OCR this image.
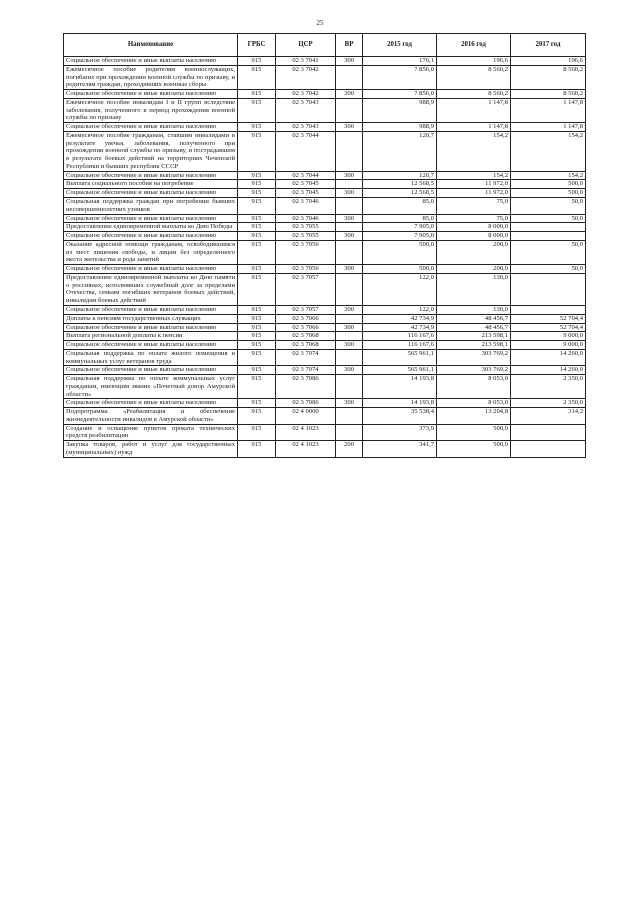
25
Наименование	ГРБС	ЦСР	ВР	2015 год	2016 год	2017 год
Социальное обеспечение и иные выплаты населению	915	02 3 7041	300	176,1	196,6	196,6
Ежемесячное пособие родителям военнослужащих, погибших при прохождении военной службы по призыву, и родителям граждан, проходивших военные сборы	915	02 3 7042		7 856,0	8 560,2	8 560,2
Социальное обеспечение и иные выплаты населению	915	02 3 7042	300	7 856,0	8 560,2	8 560,2
Ежемесячное пособие инвалидам I и II групп вследствие заболевания, полученного в период прохождения военной службы по призыву	915	02 3 7043		988,9	1 147,8	1 147,8
Социальное обеспечение и иные выплаты населению	915	02 3 7043	300	988,9	1 147,8	1 147,8
Ежемесячное пособие гражданам, ставшим инвалидами в результате увечья, заболевания, полученного при прохождении военной службы по призыву, и пострадавшим в результате боевых действий на территориях Чеченской Республики и бывших республик СССР	915	02 3 7044		120,7	154,2	154,2
Социальное обеспечение и иные выплаты населению	915	02 3 7044	300	120,7	154,2	154,2
Выплата социального пособия на погребение	915	02 3 7045		12 568,5	11 972,0	500,0
Социальное обеспечение и иные выплаты населению	915	02 3 7045	300	12 568,5	11 972,0	500,0
Социальная поддержка граждан при погребении бывших несовершеннолетних узников	915	02 3 7046		85,0	75,0	50,0
Социальное обеспечение и иные выплаты населению	915	02 3 7046	300	85,0	75,0	50,0
Предоставление единовременной выплаты ко Дню Победы	915	02 3 7055		7 905,0	8 000,0	
Социальное обеспечение и иные выплаты населению	915	02 3 7055	300	7 905,0	8 000,0	
Оказание адресной помощи гражданам, освободившимся из мест лишения свободы, и лицам без определенного места жительства и рода занятий	915	02 3 7056		500,0	200,0	50,0
Социальное обеспечение и иные выплаты населению	915	02 3 7056	300	500,0	200,0	50,0
Предоставление единовременной выплаты ко Дню памяти о россиянах, исполнявших служебный долг за пределами Отечества, семьям погибших ветеранов боевых действий, инвалидам боевых действий	915	02 3 7057		122,0	130,0	
Социальное обеспечение и иные выплаты населению	915	02 3 7057	300	122,0	130,0	
Доплаты к пенсиям государственных служащих	915	02 3 7066		42 734,9	48 456,7	52 704,4
Социальное обеспечение и иные выплаты населению	915	02 3 7066	300	42 734,9	48 456,7	52 704,4
Выплата региональной доплаты к пенсии	915	02 3 7068		116 167,6	213 598,1	9 000,0
Социальное обеспечение и иные выплаты населению	915	02 3 7068	300	116 167,6	213 598,1	9 000,0
Социальная поддержка по оплате жилого помещения и коммунальных услуг ветеранов труда	915	02 3 7074		565 961,1	303 769,2	14 260,0
Социальное обеспечение и иные выплаты населению	915	02 3 7074	300	565 961,1	303 769,2	14 260,0
Социальная поддержка по оплате коммунальных услуг гражданам, имеющим звание «Почетный донор Амурской области»	915	02 3 7086		14 193,8	8 053,0	2 350,0
Социальное обеспечение и иные выплаты населению	915	02 3 7086	300	14 193,8	8 053,0	2 350,0
Подпрограмма «Реабилитация и обеспечение жизнедеятельности инвалидов в Амурской области»	915	02 4 0000		35 538,4	13 204,8	314,2
Создание и оснащение пунктов проката технических средств реабилитации	915	02 4 1023		373,9	500,0	
Закупка товаров, работ и услуг для государственных (муниципальных) нужд	915	02 4 1023	200	341,7	500,0	
